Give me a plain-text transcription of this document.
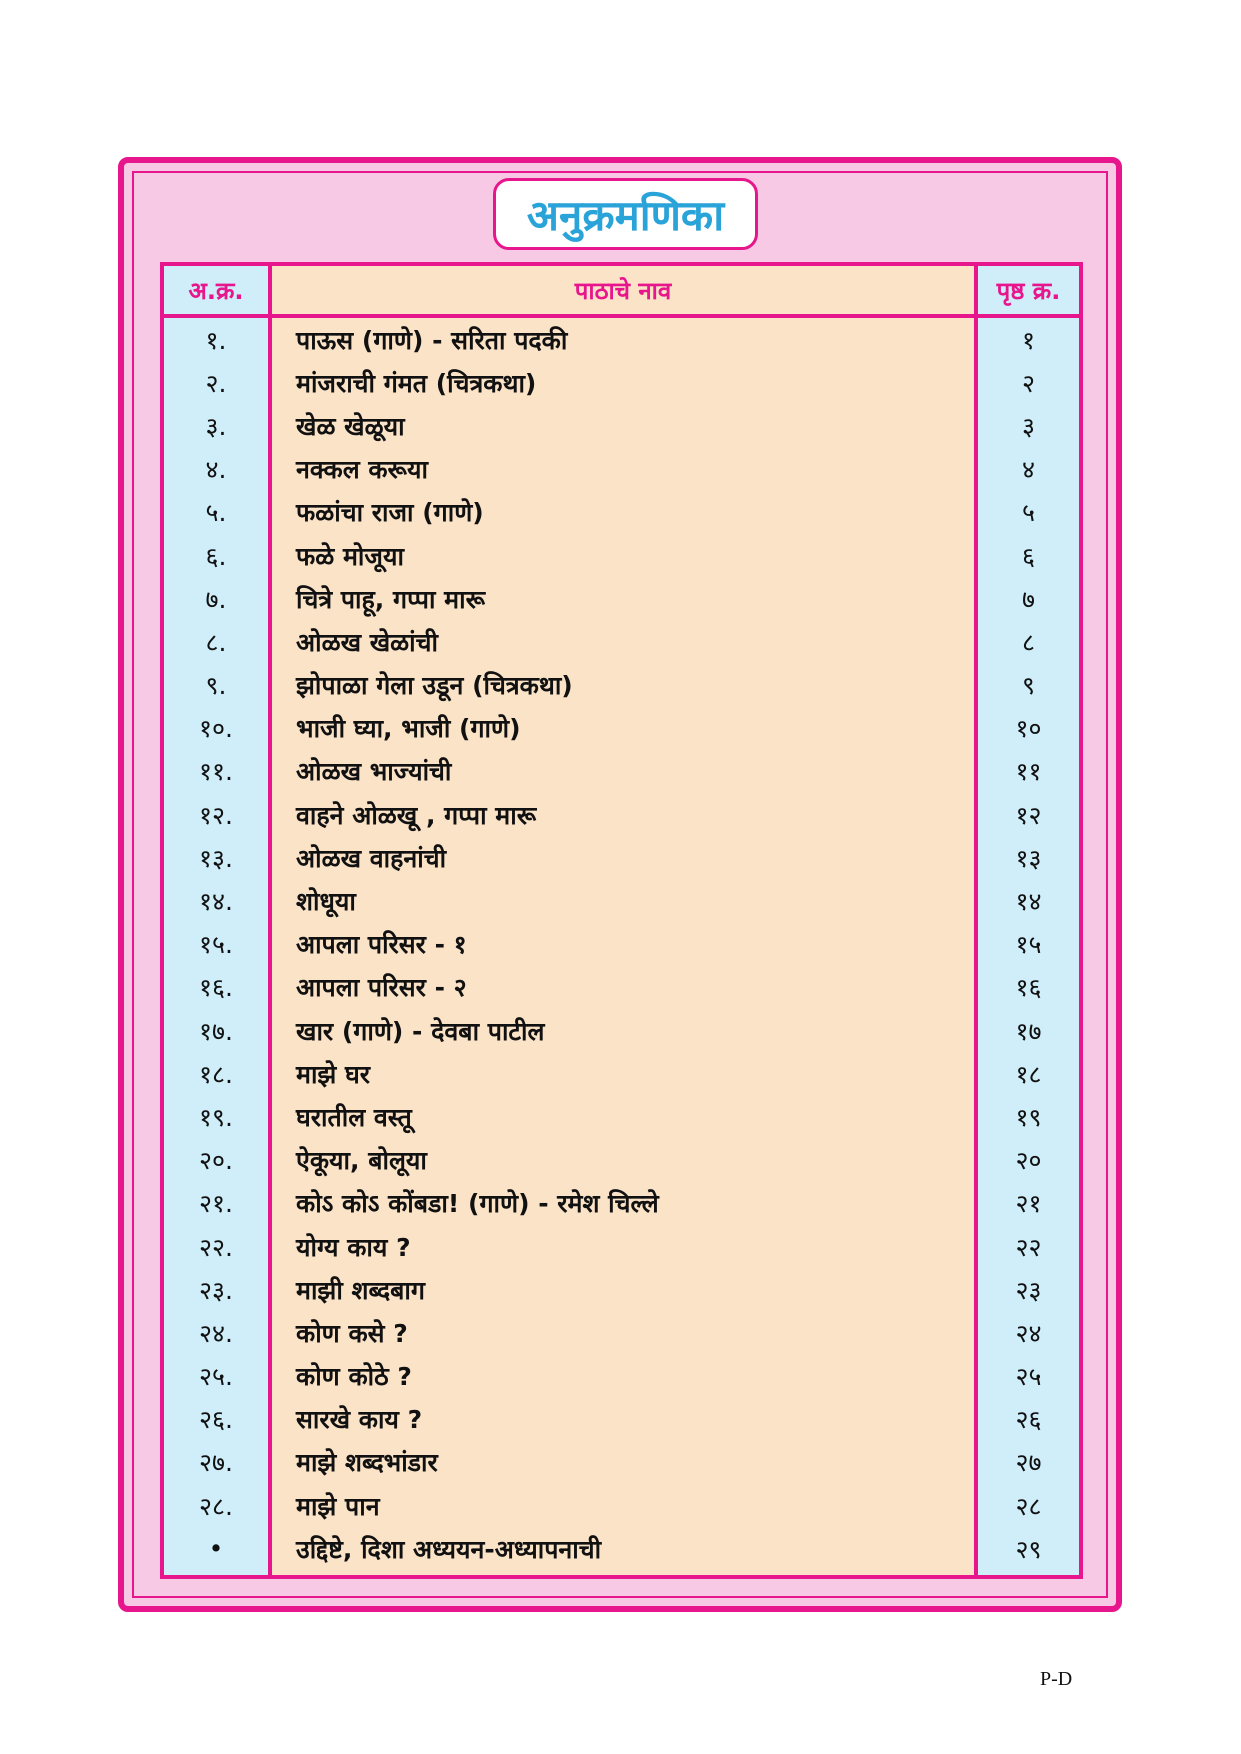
अनुक्रमणिका
अ.क्र.	पाठाचे नाव	पृष्ठ क्र.
१.	पाऊस (गाणे) - सरिता पदकी	१
२.	मांजराची गंमत (चित्रकथा)	२
३.	खेळ खेळूया	३
४.	नक्कल करूया	४
५.	फळांचा राजा (गाणे)	५
६.	फळे मोजूया	६
७.	चित्रे पाहू, गप्पा मारू	७
८.	ओळख खेळांची	८
९.	झोपाळा गेला उडून (चित्रकथा)	९
१०.	भाजी घ्या, भाजी (गाणे)	१०
११.	ओळख भाज्यांची	११
१२.	वाहने ओळखू , गप्पा मारू	१२
१३.	ओळख वाहनांची	१३
१४.	शोधूया	१४
१५.	आपला परिसर - १	१५
१६.	आपला परिसर - २	१६
१७.	खार (गाणे) - देवबा पाटील	१७
१८.	माझे घर	१८
१९.	घरातील वस्तू	१९
२०.	ऐकूया, बोलूया	२०
२१.	कोऽ कोऽ कोंबडा! (गाणे) - रमेश चिल्ले	२१
२२.	योग्य काय ?	२२
२३.	माझी शब्दबाग	२३
२४.	कोण कसे ?	२४
२५.	कोण कोठे ?	२५
२६.	सारखे काय ?	२६
२७.	माझे शब्दभांडार	२७
२८.	माझे पान	२८
•	उद्दिष्टे, दिशा अध्ययन-अध्यापनाची	२९
P-D
